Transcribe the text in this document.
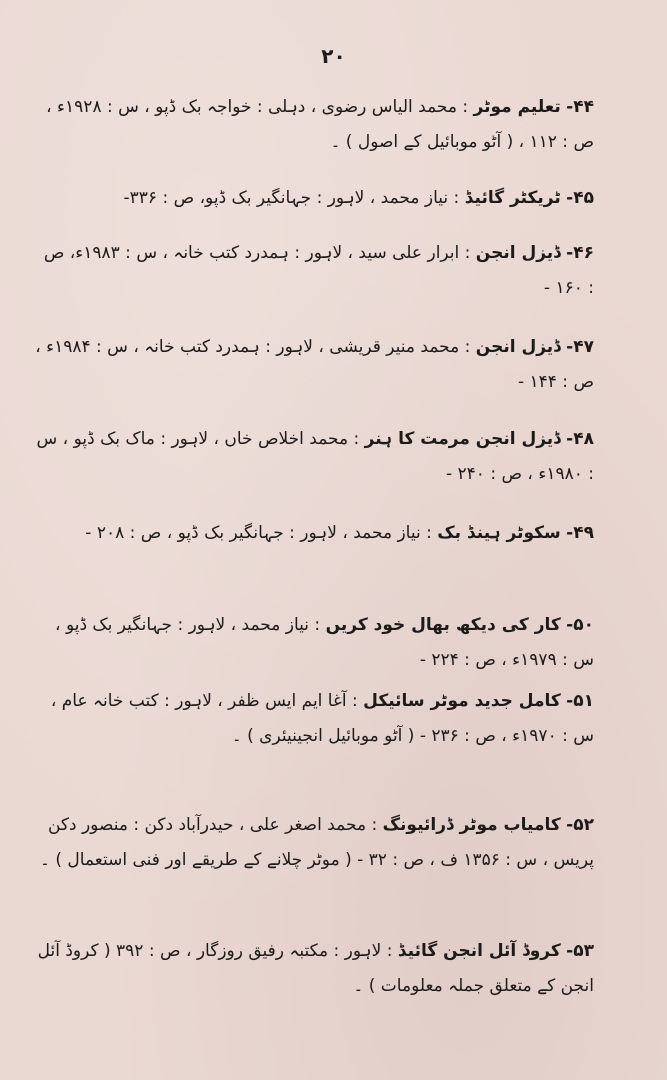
۲۰
۴۴- تعلیم موٹر : محمد الیاس رضوی ، دہلی : خواجہ بک ڈپو ، س : ۱۹۲۸ء ، ص : ۱۱۲ ، ( آٹو موبائیل کے اصول ) ۔
۴۵- ٹریکٹر گائیڈ : نیاز محمد ، لاہور : جہانگیر بک ڈپو، ص : ۳۳۶-
۴۶- ڈیزل انجن : ابرار علی سید ، لاہور : ہمدرد کتب خانہ ، س : ۱۹۸۳ء، ص : ۱۶۰ -
۴۷- ڈیزل انجن : محمد منیر قریشی ، لاہور : ہمدرد کتب خانہ ، س : ۱۹۸۴ء ، ص : ۱۴۴ -
۴۸- ڈیزل انجن مرمت کا ہنر : محمد اخلاص خاں ، لاہور : ماک بک ڈپو ، س : ۱۹۸۰ء ، ص : ۲۴۰ -
۴۹- سکوٹر ہینڈ بک : نیاز محمد ، لاہور : جہانگیر بک ڈپو ، ص : ۲۰۸ -
۵۰- کار کی دیکھ بھال خود کریں : نیاز محمد ، لاہور : جہانگیر بک ڈپو ، س : ۱۹۷۹ء ، ص : ۲۲۴ -
۵۱- کامل جدید موٹر سائیکل : آغا ایم ایس ظفر ، لاہور : کتب خانہ عام ، س : ۱۹۷۰ء ، ص : ۲۳۶ - ( آٹو موبائیل انجینیئری ) ۔
۵۲- کامیاب موٹر ڈرائیونگ : محمد اصغر علی ، حیدرآباد دکن : منصور دکن پریس ، س : ۱۳۵۶ ف ، ص : ۳۲ - ( موٹر چلانے کے طریقے اور فنی استعمال ) ۔
۵۳- کروڈ آئل انجن گائیڈ : لاہور : مکتبہ رفیق روزگار ، ص : ۳۹۲ ( کروڈ آئل انجن کے متعلق جملہ معلومات ) ۔
